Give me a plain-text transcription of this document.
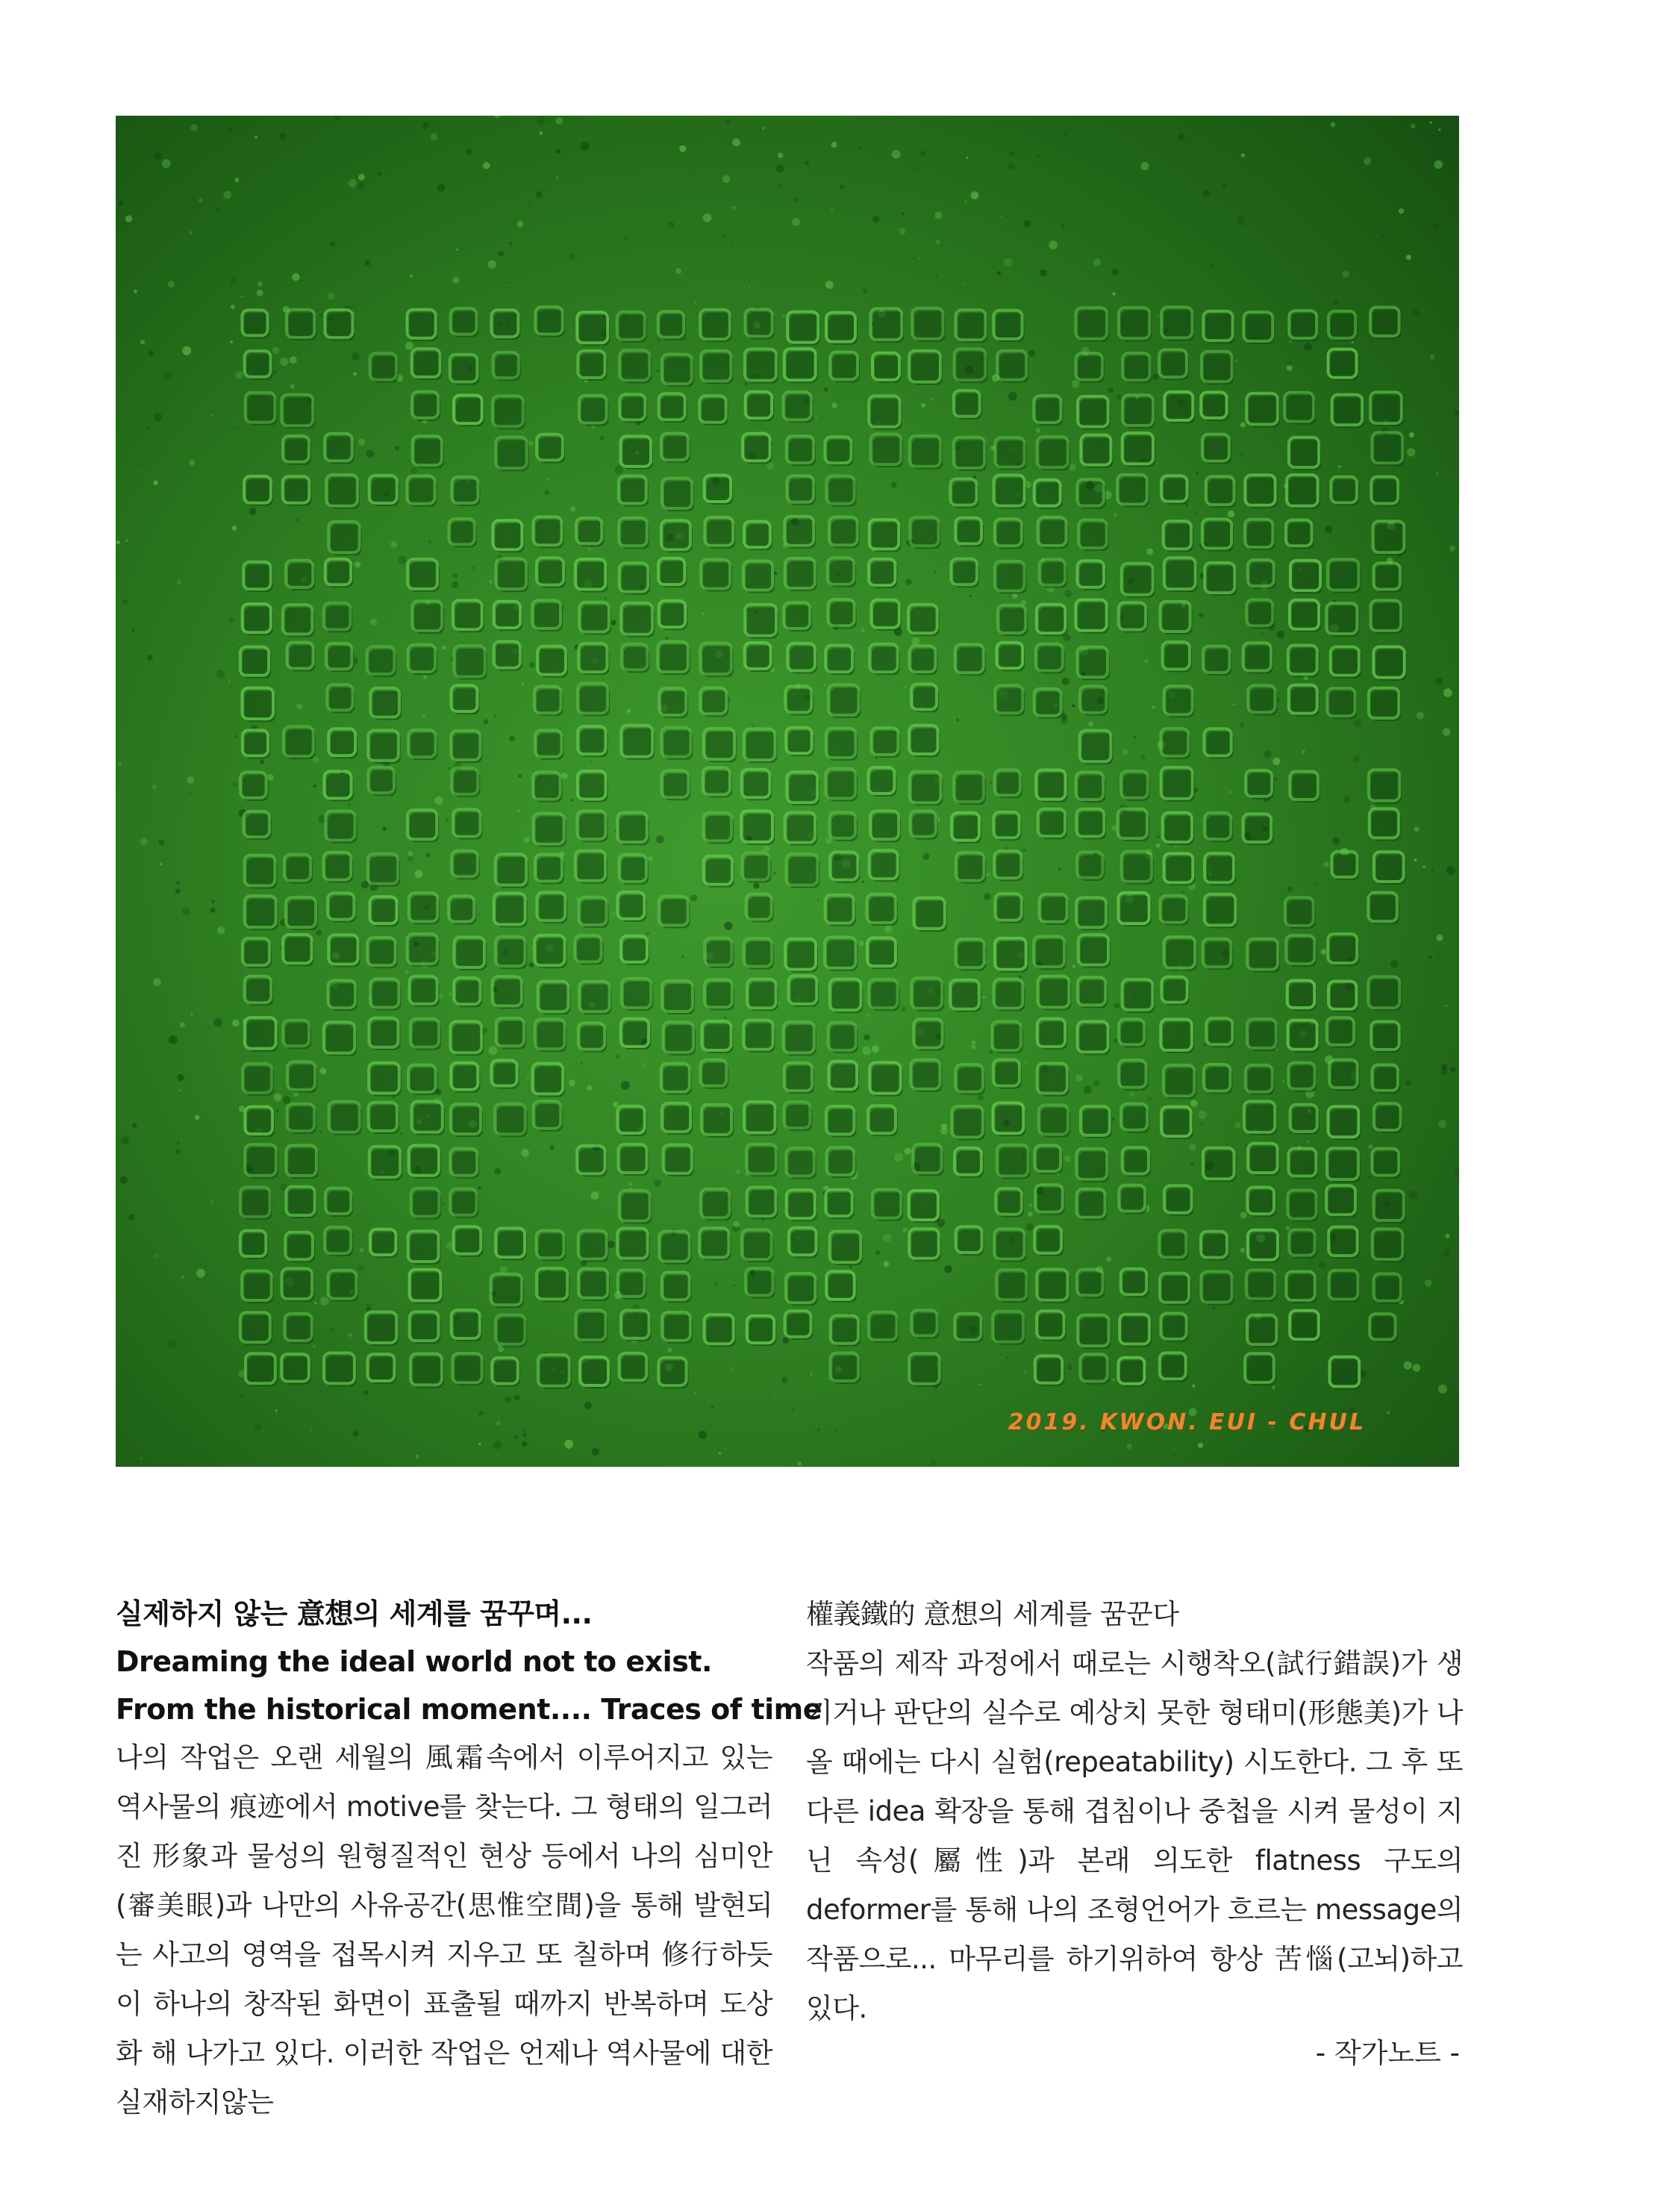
2019. KWON. EUI - CHUL
실제하지 않는 意想의 세계를 꿈꾸며...
Dreaming the ideal world not to exist.
From the historical moment.... Traces of time

나의 작업은 오랜 세월의 風霜속에서 이루어지고 있는 역사물의 痕迹에서 motive를 찾는다. 그 형태의 일그러진 形象과 물성의 원형질적인 현상 등에서 나의 심미안(審美眼)과 나만의 사유공간(思惟空間)을 통해 발현되는 사고의 영역을 접목시켜 지우고 또 칠하며 修行하듯이 하나의 창작된 화면이 표출될 때까지 반복하며 도상화 해 나가고 있다. 이러한 작업은 언제나 역사물에 대한 실재하지않는

權義鐵的 意想의 세계를 꿈꾼다

작품의 제작 과정에서 때로는 시행착오(試行錯誤)가 생기거나 판단의 실수로 예상치 못한 형태미(形態美)가 나올 때에는 다시 실험(repeatability) 시도한다. 그 후 또 다른 idea 확장을 통해 겹침이나 중첩을 시켜 물성이 지닌 속성(屬性)과 본래 의도한 flatness 구도의 deformer를 통해 나의 조형언어가 흐르는 message의 작품으로... 마무리를 하기위하여 항상 苦惱(고뇌)하고 있다.

- 작가노트 -
